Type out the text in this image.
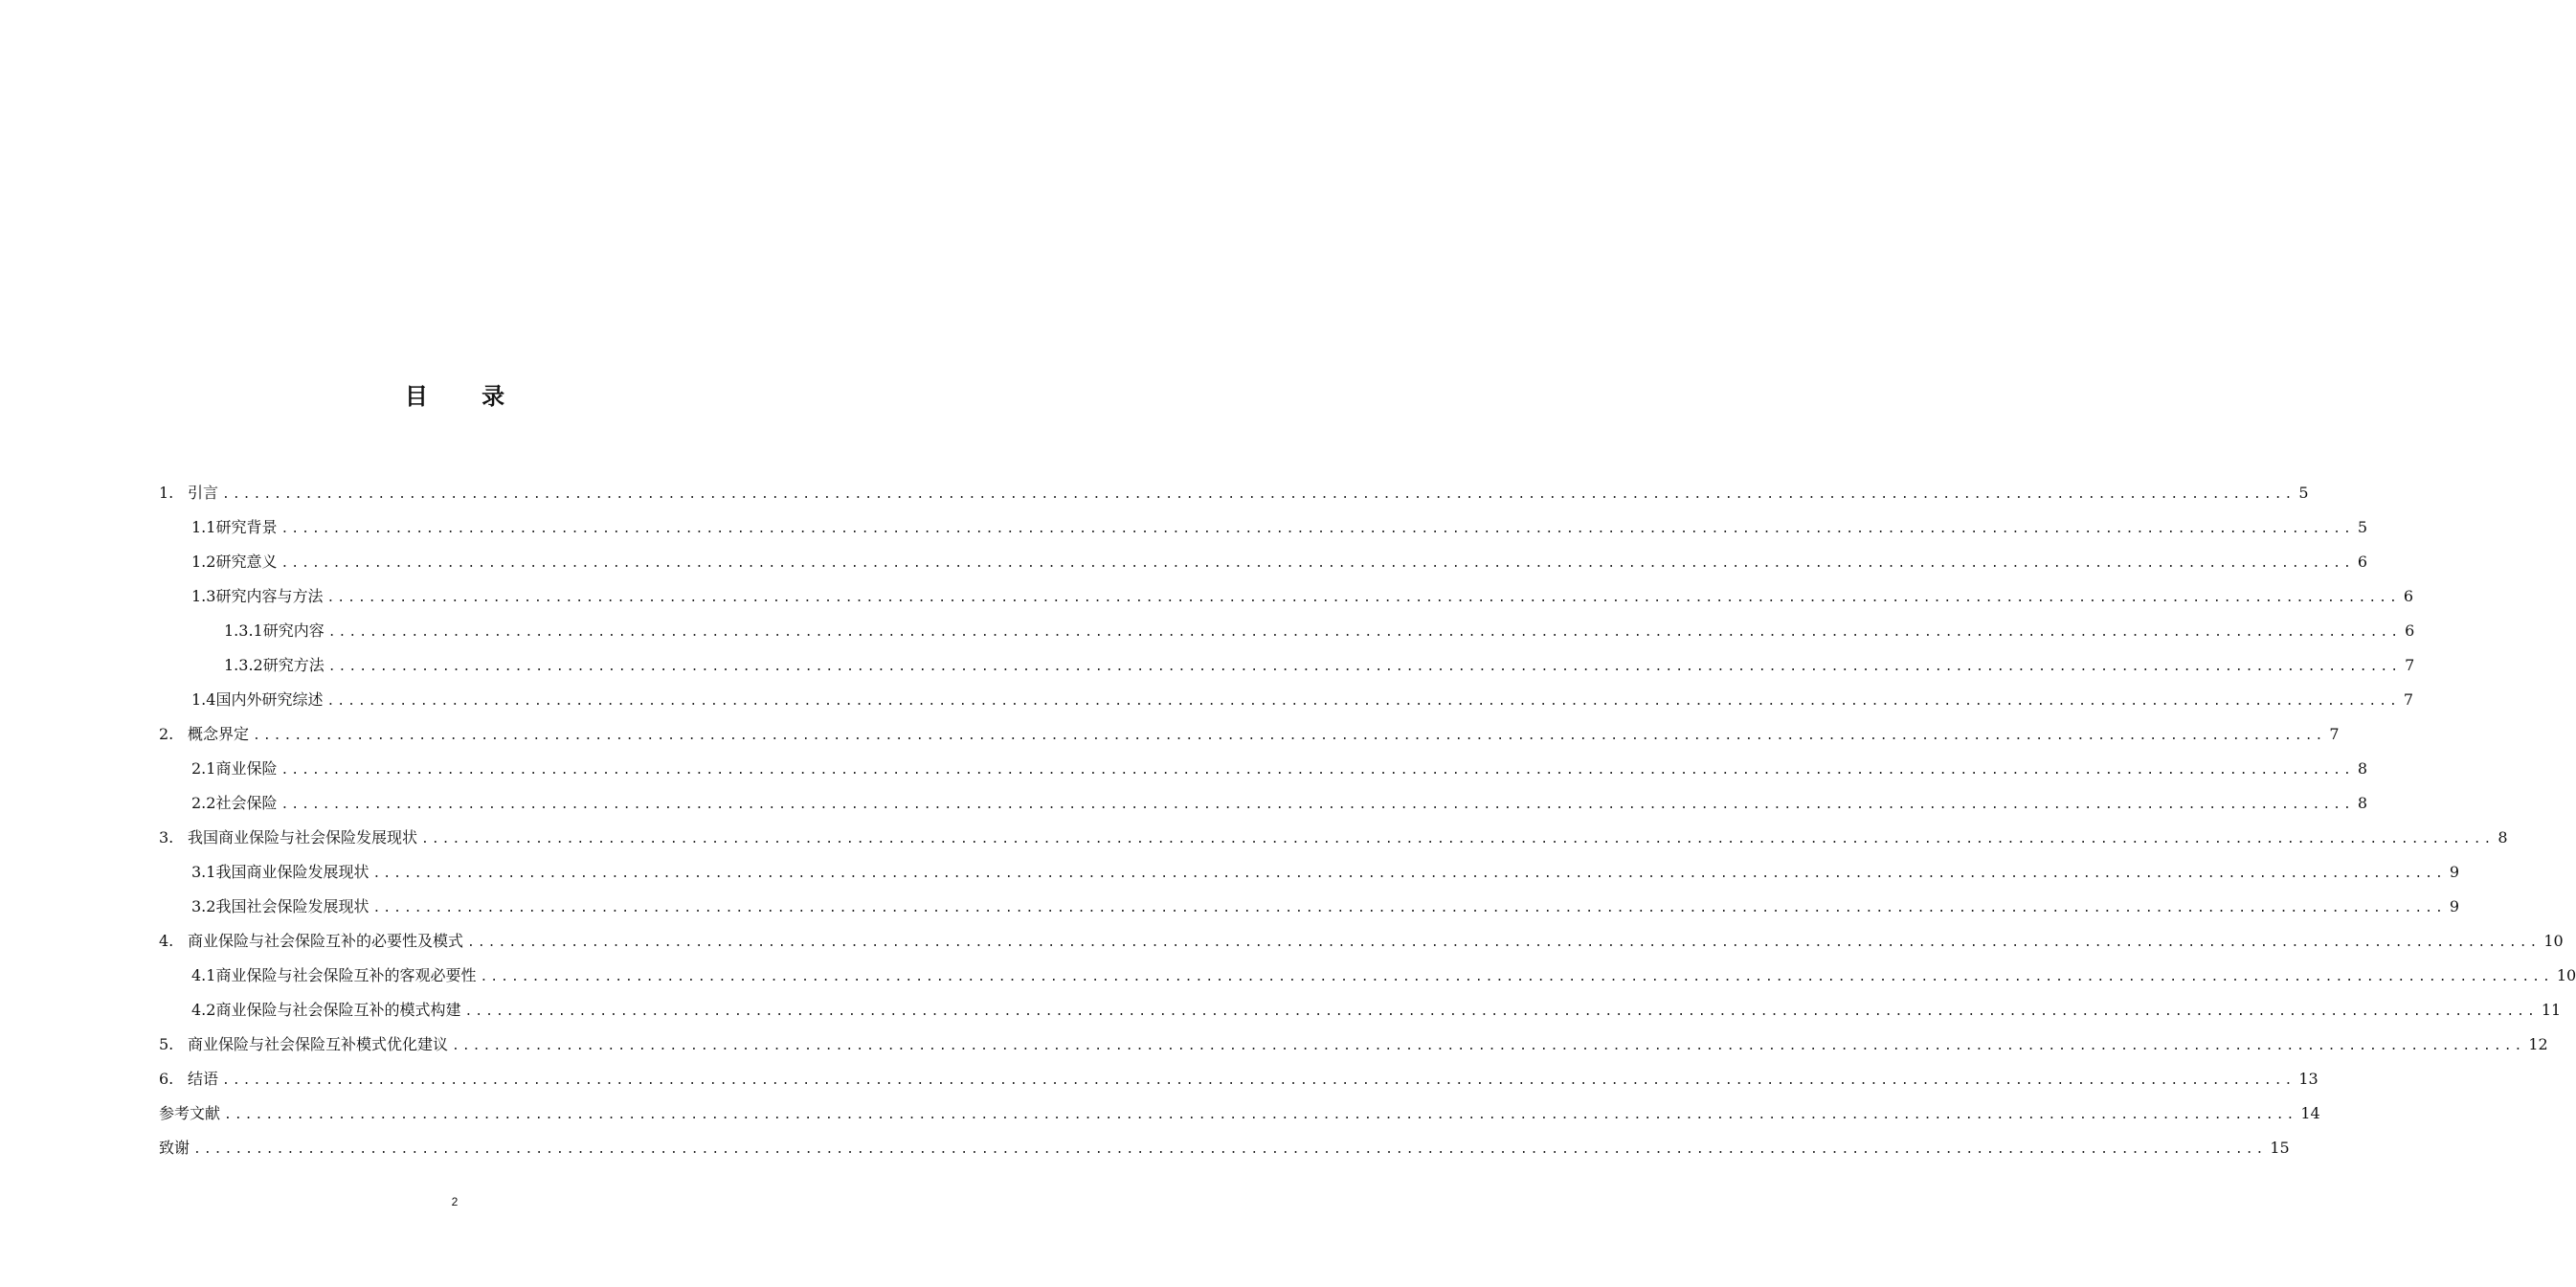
目 录
1. 引言 ........................................................................................................................................................................................................ 5
1.1 研究背景 ........................................................................................................................................................................................................ 5
1.2 研究意义 ........................................................................................................................................................................................................ 6
1.3 研究内容与方法 ........................................................................................................................................................................................................ 6
1.3.1 研究内容 ........................................................................................................................................................................................................ 6
1.3.2 研究方法 ........................................................................................................................................................................................................ 7
1.4 国内外研究综述 ........................................................................................................................................................................................................ 7
2. 概念界定 ........................................................................................................................................................................................................ 7
2.1 商业保险 ........................................................................................................................................................................................................ 8
2.2 社会保险 ........................................................................................................................................................................................................ 8
3. 我国商业保险与社会保险发展现状 ........................................................................................................................................................................................................ 8
3.1 我国商业保险发展现状 ........................................................................................................................................................................................................ 9
3.2 我国社会保险发展现状 ........................................................................................................................................................................................................ 9
4. 商业保险与社会保险互补的必要性及模式 ........................................................................................................................................................................................................ 10
4.1 商业保险与社会保险互补的客观必要性 ........................................................................................................................................................................................................ 10
4.2 商业保险与社会保险互补的模式构建 ........................................................................................................................................................................................................ 11
5. 商业保险与社会保险互补模式优化建议 ........................................................................................................................................................................................................ 12
6. 结语 ........................................................................................................................................................................................................ 13
参考文献 ........................................................................................................................................................................................................ 14
致谢 ........................................................................................................................................................................................................ 15
2
